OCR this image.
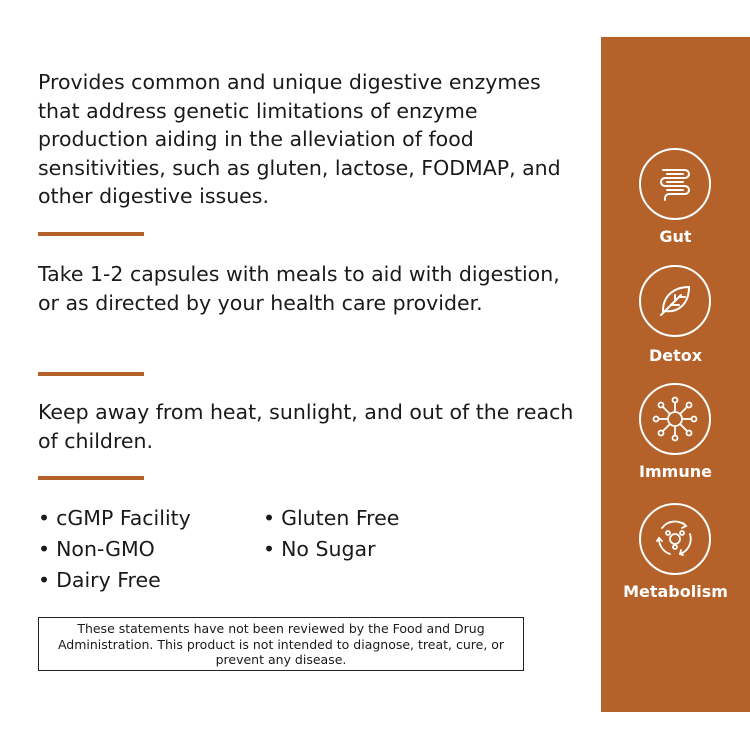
Provides common and unique digestive enzymes that address genetic limitations of enzyme production aiding in the alleviation of food sensitivities, such as gluten, lactose, FODMAP, and other digestive issues.

Take 1-2 capsules with meals to aid with digestion, or as directed by your health care provider.

Keep away from heat, sunlight, and out of the reach of children.

• cGMP Facility
• Non-GMO
• Dairy Free
• Gluten Free
• No Sugar
These statements have not been reviewed by the Food and Drug Administration. This product is not intended to diagnose, treat, cure, or prevent any disease.
Gut
Detox
Immune
Metabolism
